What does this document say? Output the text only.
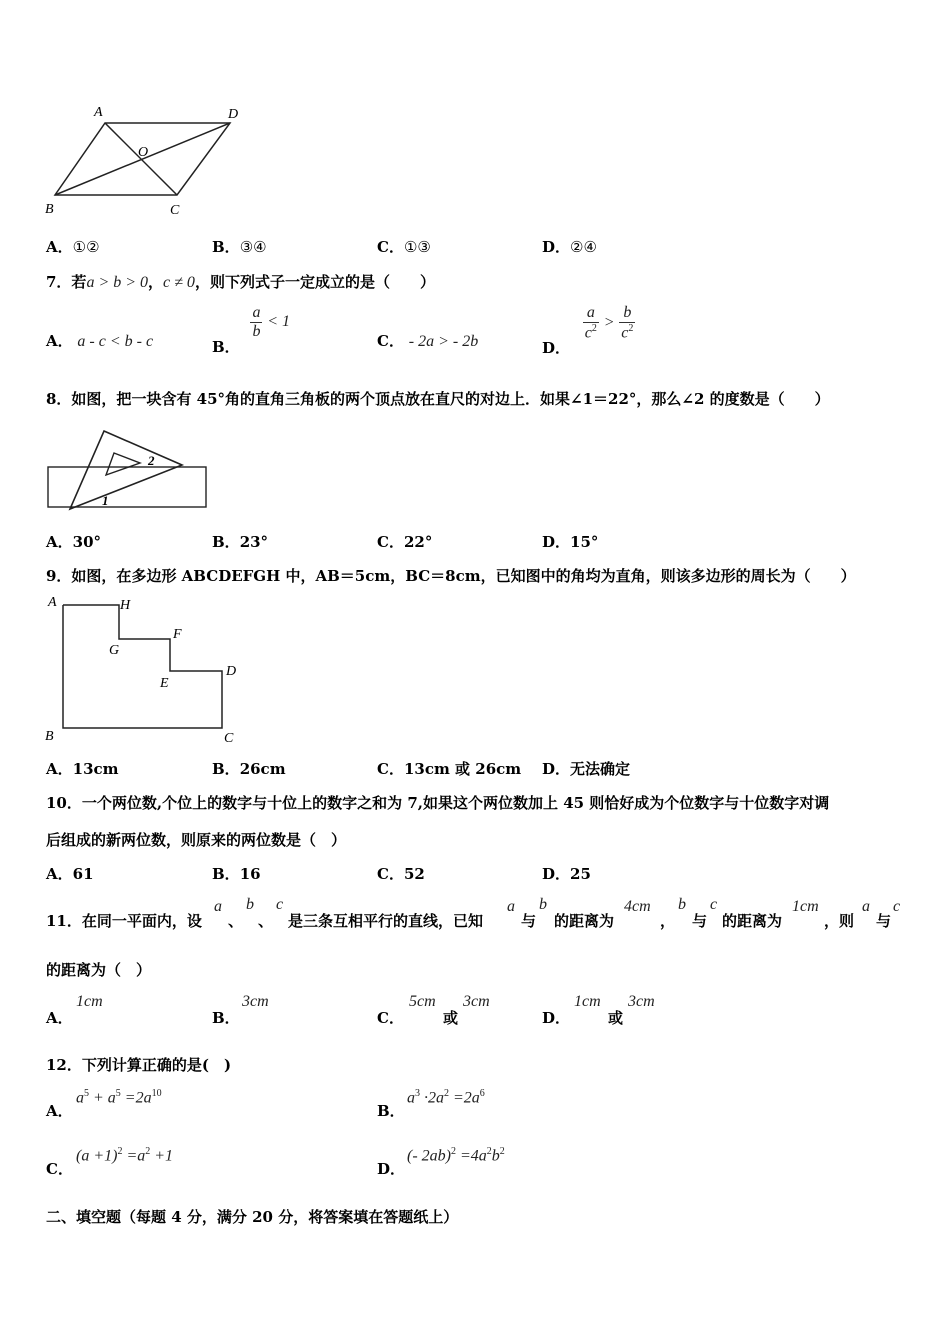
A	D
O
B	C
A．①②	B．③④	C．①③	D．②④
7．若a > b > 0，c ≠ 0，则下列式子一定成立的是（　　）
A． a - c < b - c	B．
$\frac{a}{b} < 1$
C． - 2a > - 2b	D．
$\frac{a}{c^2} > \frac{b}{c^2}$
8．如图，把一块含有 45°角的直角三角板的两个顶点放在直尺的对边上．如果∠1＝22°，那么∠2 的度数是（　　）
2
1
A．30°	B．23°	C．22°	D．15°
9．如图，在多边形 ABCDEFGH 中，AB＝5cm，BC＝8cm，已知图中的角均为直角，则该多边形的周长为（　　）
A	H
F
G
D
E
B	C
A．13cm	B．26cm	C．13cm 或 26cm D．无法确定
10．一个两位数,个位上的数字与十位上的数字之和为 7,如果这个两位数加上 45 则恰好成为个位数字与十位数字对调
后组成的新两位数，则原来的两位数是（　）
A．61	B．16	C．52	D．25
11．在同一平面内，设
a
、
b
、
c
是三条互相平行的直线，已知
a
与
b
的距离为
4cm
，
b
与
c
的距离为
1cm
，则
a
与
c
的距离为（　）
A．
1cm
B．
3cm
C．
5cm
或
3cm
D．
1cm
或
3cm
12．下列计算正确的是(　)
A．
$a^5 + a^5 =2a^{10}$
B．
$a^3 \cdot 2a^2 =2a^6$
C．
$(a +1)^2 =a^2 +1$
D．
(- $2ab)^2 =4a^2b^2$
二、填空题（每题 4 分，满分 20 分，将答案填在答题纸上）
